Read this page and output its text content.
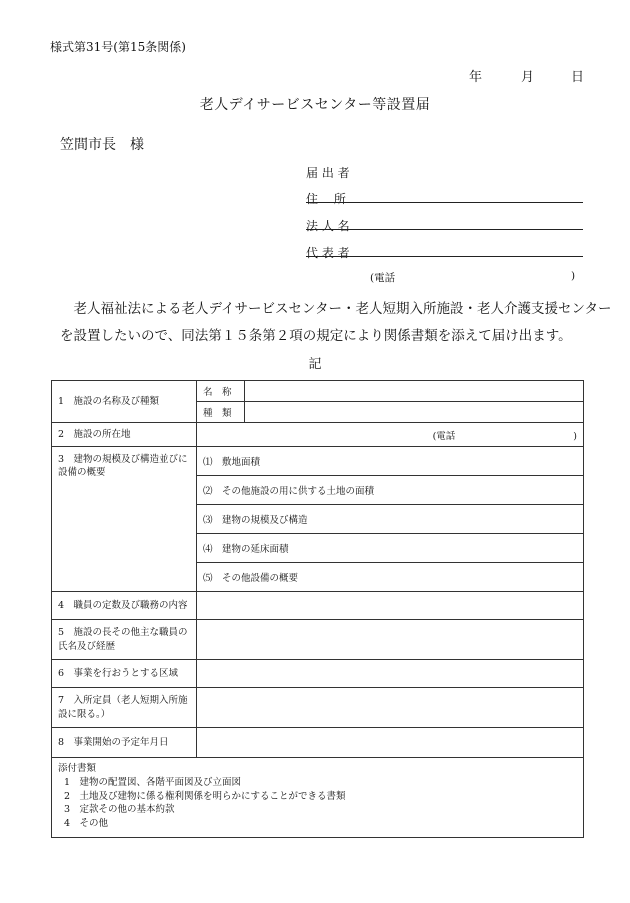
様式第31号(第15条関係)
年	月	日
老人デイサービスセンター等設置届
笠間市長　様
届 出 者
住　 所
法 人 名
代 表 者
(電話	)
　老人福祉法による老人デイサービスセンター・老人短期入所施設・老人介護支援センター
を設置したいので、同法第１５条第２項の規定により関係書類を添えて届け出ます。
記
1　施設の名称及び種類	名　称	
	種　類	
2　施設の所在地	(電話 )	
3　建物の規模及び構造並びに設備の概要	⑴　敷地面積	
	⑵　その他施設の用に供する土地の面積	
	⑶　建物の規模及び構造	
	⑷　建物の延床面積	
	⑸　その他設備の概要	
4　職員の定数及び職務の内容		
5　施設の長その他主な職員の氏名及び経歴		
6　事業を行おうとする区域		
7　入所定員（老人短期入所施設に限る。）		
8　事業開始の予定年月日		

添付書類
1　建物の配置図、各階平面図及び立面図
2　土地及び建物に係る権利関係を明らかにすることができる書類
3　定款その他の基本約款
4　その他		
